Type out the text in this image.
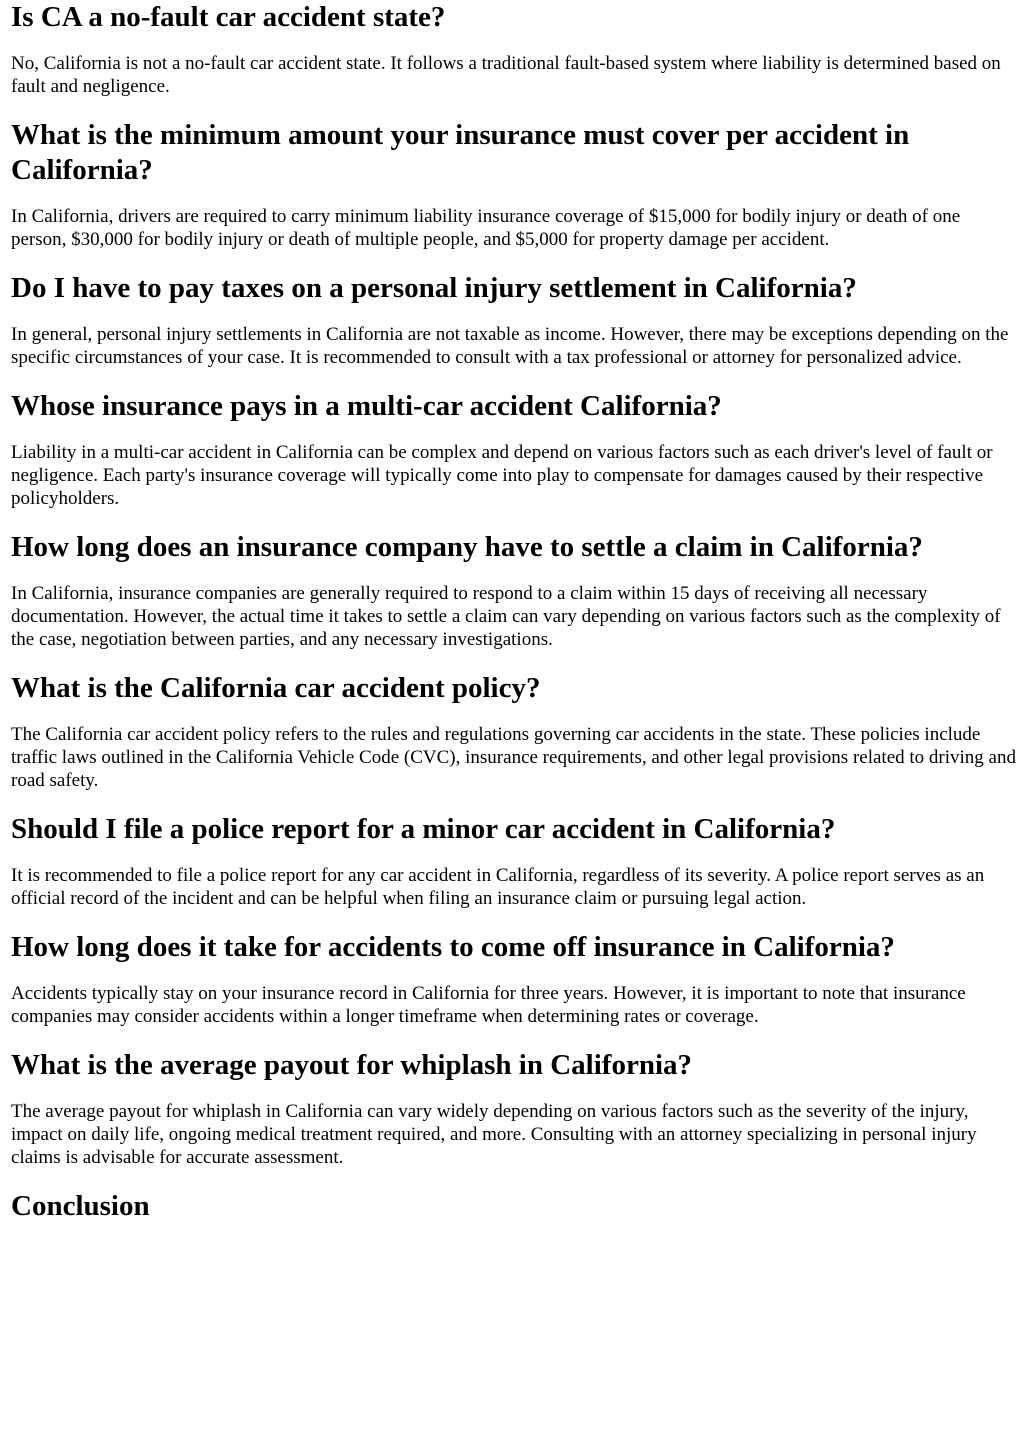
Is CA a no-fault car accident state?

No, California is not a no-fault car accident state. It follows a traditional fault-based system where liability is determined based on fault and negligence.

What is the minimum amount your insurance must cover per accident in California?

In California, drivers are required to carry minimum liability insurance coverage of $15,000 for bodily injury or death of one person, $30,000 for bodily injury or death of multiple people, and $5,000 for property damage per accident.

Do I have to pay taxes on a personal injury settlement in California?

In general, personal injury settlements in California are not taxable as income. However, there may be exceptions depending on the specific circumstances of your case. It is recommended to consult with a tax professional or attorney for personalized advice.

Whose insurance pays in a multi-car accident California?

Liability in a multi-car accident in California can be complex and depend on various factors such as each driver's level of fault or negligence. Each party's insurance coverage will typically come into play to compensate for damages caused by their respective policyholders.

How long does an insurance company have to settle a claim in California?

In California, insurance companies are generally required to respond to a claim within 15 days of receiving all necessary documentation. However, the actual time it takes to settle a claim can vary depending on various factors such as the complexity of the case, negotiation between parties, and any necessary investigations.

What is the California car accident policy?

The California car accident policy refers to the rules and regulations governing car accidents in the state. These policies include traffic laws outlined in the California Vehicle Code (CVC), insurance requirements, and other legal provisions related to driving and road safety.

Should I file a police report for a minor car accident in California?

It is recommended to file a police report for any car accident in California, regardless of its severity. A police report serves as an official record of the incident and can be helpful when filing an insurance claim or pursuing legal action.

How long does it take for accidents to come off insurance in California?

Accidents typically stay on your insurance record in California for three years. However, it is important to note that insurance companies may consider accidents within a longer timeframe when determining rates or coverage.

What is the average payout for whiplash in California?

The average payout for whiplash in California can vary widely depending on various factors such as the severity of the injury, impact on daily life, ongoing medical treatment required, and more. Consulting with an attorney specializing in personal injury claims is advisable for accurate assessment.

Conclusion
